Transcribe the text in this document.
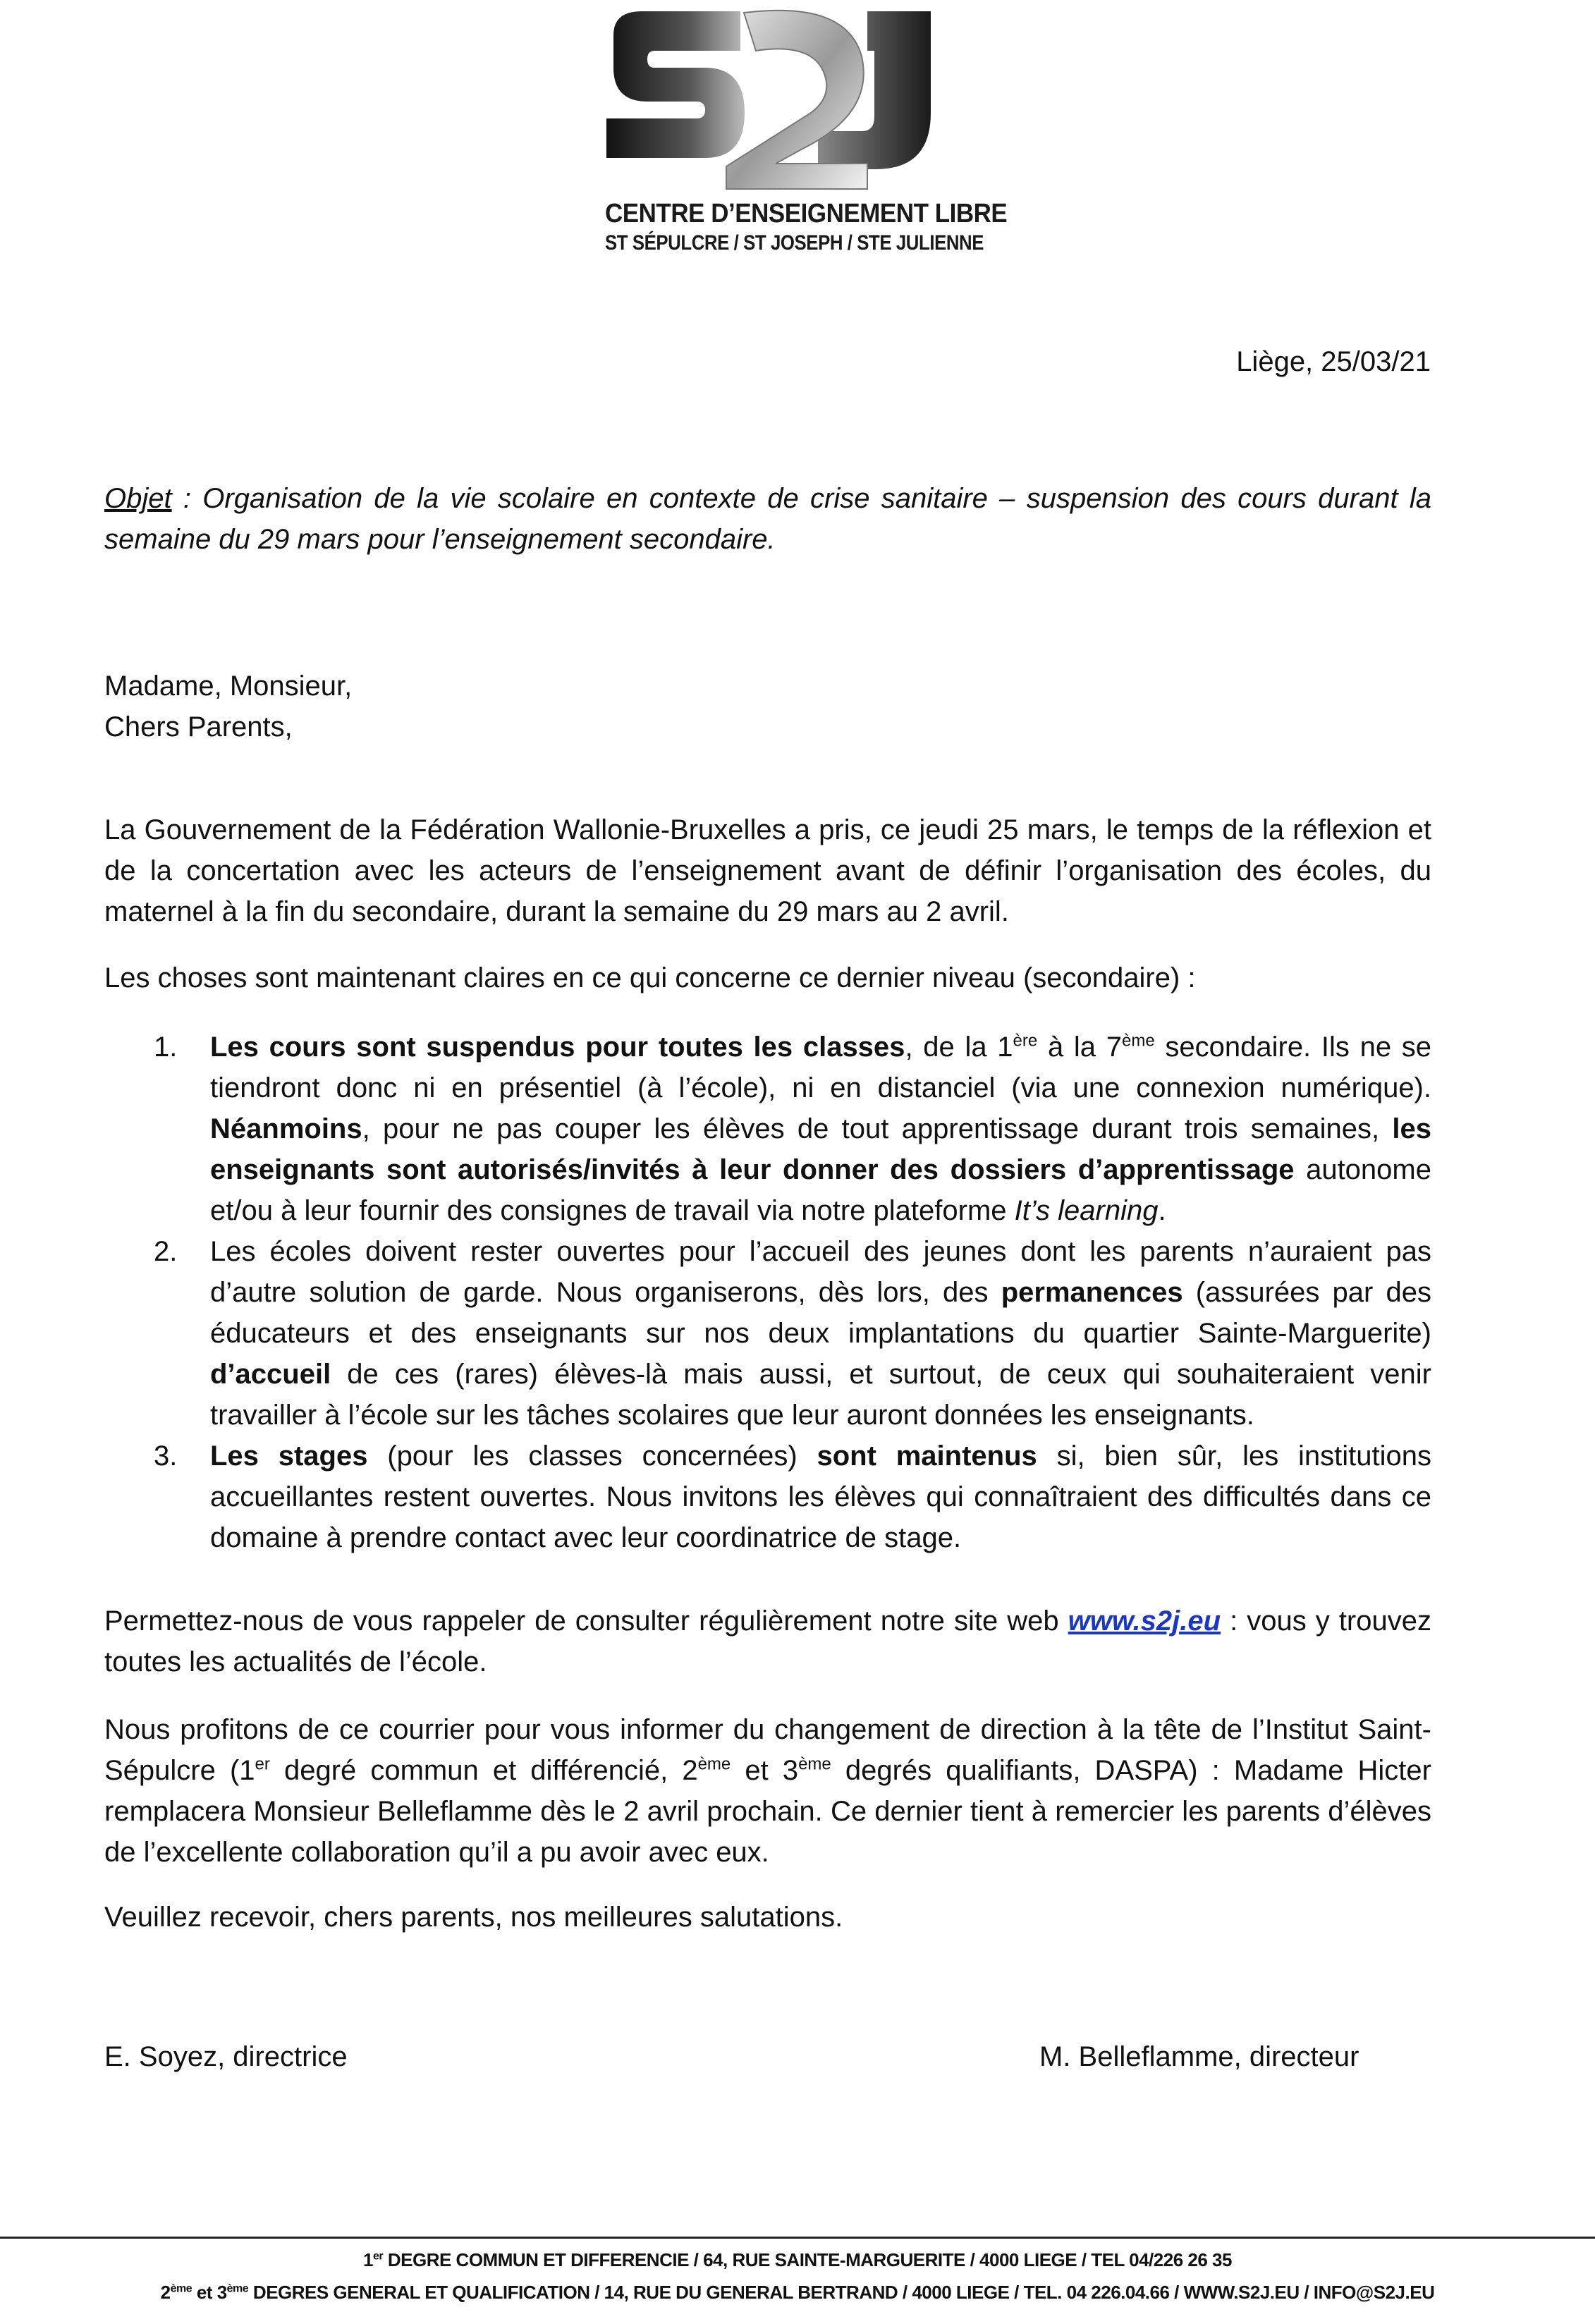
CENTRE D’ENSEIGNEMENT LIBRE
ST SÉPULCRE / ST JOSEPH / STE JULIENNE
Liège, 25/03/21
Objet : Organisation de la vie scolaire en contexte de crise sanitaire – suspension des cours durant la semaine du 29 mars pour l’enseignement secondaire.
Madame, Monsieur,
Chers Parents,

La Gouvernement de la Fédération Wallonie-Bruxelles a pris, ce jeudi 25 mars, le temps de la réflexion et de la concertation avec les acteurs de l’enseignement avant de définir l’organisation des écoles, du maternel à la fin du secondaire, durant la semaine du 29 mars au 2 avril.

Les choses sont maintenant claires en ce qui concerne ce dernier niveau (secondaire) :

1. Les cours sont suspendus pour toutes les classes, de la 1ère à la 7ème secondaire. Ils ne se tiendront donc ni en présentiel (à l’école), ni en distanciel (via une connexion numérique). Néanmoins, pour ne pas couper les élèves de tout apprentissage durant trois semaines, les enseignants sont autorisés/invités à leur donner des dossiers d’apprentissage autonome et/ou à leur fournir des consignes de travail via notre plateforme It’s learning.
2. Les écoles doivent rester ouvertes pour l’accueil des jeunes dont les parents n’auraient pas d’autre solution de garde. Nous organiserons, dès lors, des permanences (assurées par des éducateurs et des enseignants sur nos deux implantations du quartier Sainte-Marguerite) d’accueil de ces (rares) élèves-là mais aussi, et surtout, de ceux qui souhaiteraient venir travailler à l’école sur les tâches scolaires que leur auront données les enseignants.
3. Les stages (pour les classes concernées) sont maintenus si, bien sûr, les institutions accueillantes restent ouvertes. Nous invitons les élèves qui connaîtraient des difficultés dans ce domaine à prendre contact avec leur coordinatrice de stage.

Permettez-nous de vous rappeler de consulter régulièrement notre site web www.s2j.eu : vous y trouvez toutes les actualités de l’école.

Nous profitons de ce courrier pour vous informer du changement de direction à la tête de l’Institut Saint-Sépulcre (1er degré commun et différencié, 2ème et 3ème degrés qualifiants, DASPA) : Madame Hicter remplacera Monsieur Belleflamme dès le 2 avril prochain. Ce dernier tient à remercier les parents d’élèves de l’excellente collaboration qu’il a pu avoir avec eux.

Veuillez recevoir, chers parents, nos meilleures salutations.

E. Soyez, directrice	M. Belleflamme, directeur
1er DEGRE COMMUN ET DIFFERENCIE / 64, RUE SAINTE-MARGUERITE / 4000 LIEGE / TEL 04/226 26 35
2ème et 3ème DEGRES GENERAL ET QUALIFICATION / 14, RUE DU GENERAL BERTRAND / 4000 LIEGE / TEL. 04 226.04.66 / WWW.S2J.EU / INFO@S2J.EU
